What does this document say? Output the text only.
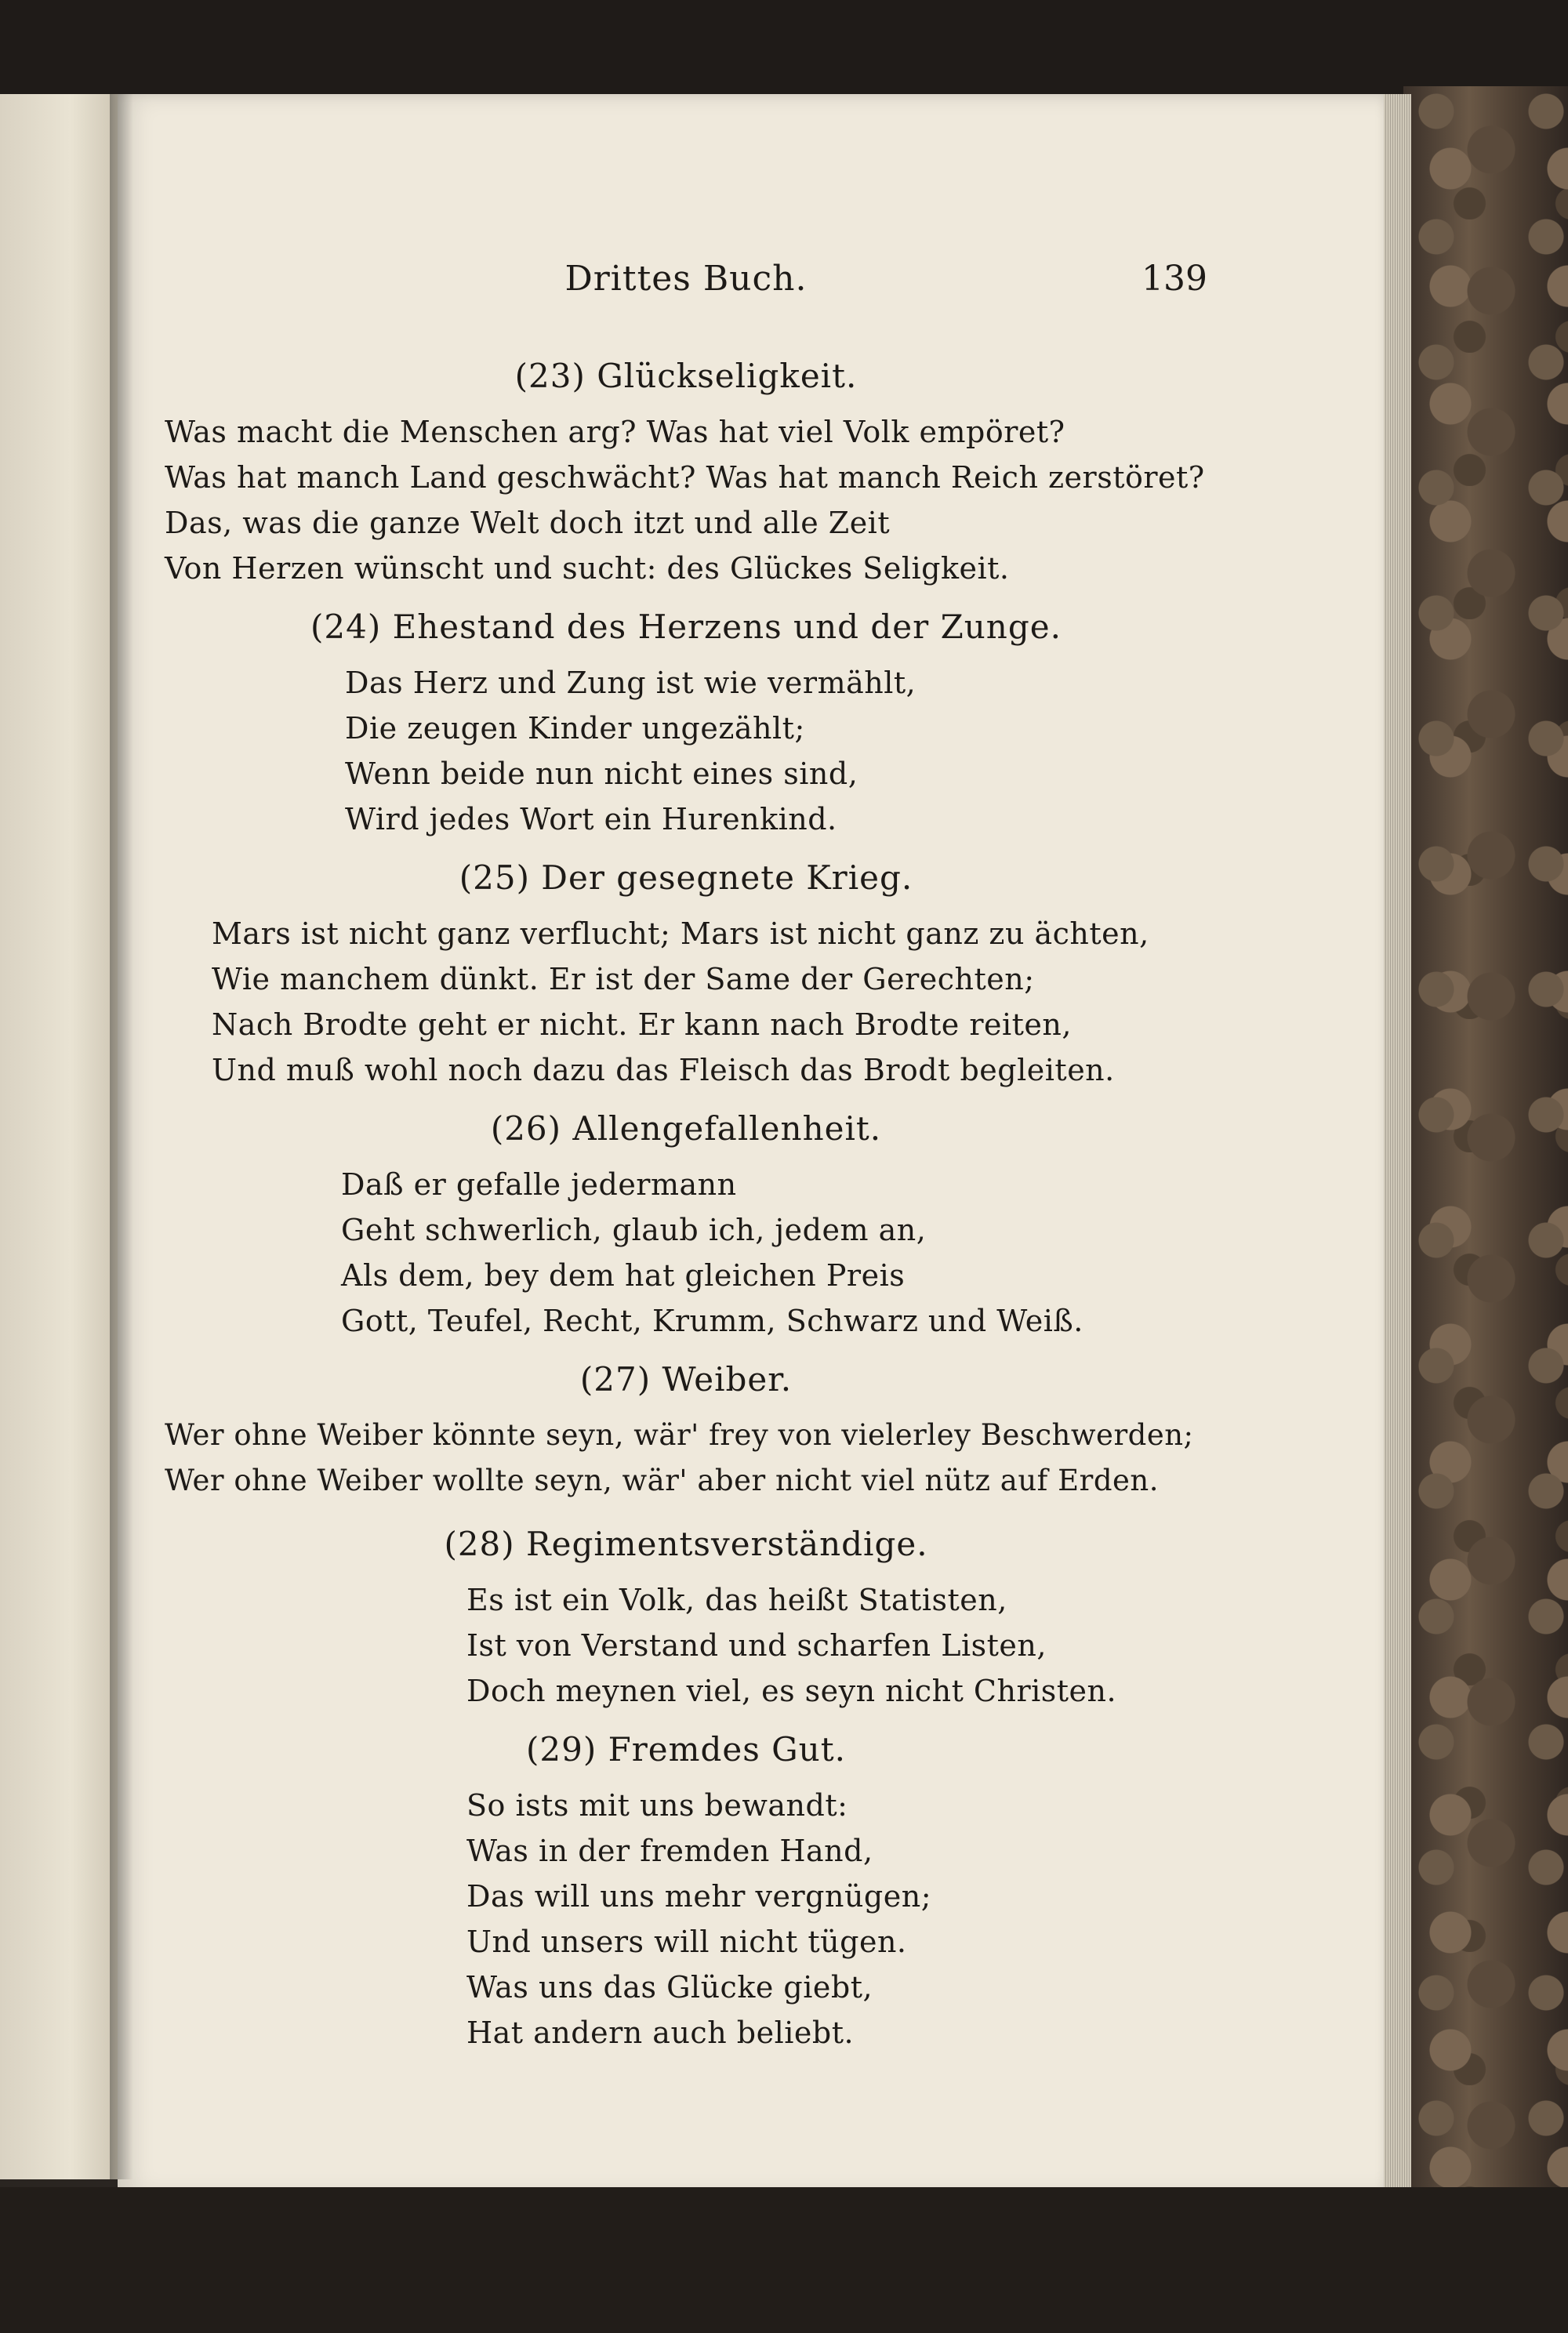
Drittes Buch.	139
(23) Glückseligkeit.
Was macht die Menschen arg? Was hat viel Volk empöret?
Was hat manch Land geschwächt? Was hat manch Reich zerstöret?
Das, was die ganze Welt doch itzt und alle Zeit
Von Herzen wünscht und sucht: des Glückes Seligkeit.
(24) Ehestand des Herzens und der Zunge.
Das Herz und Zung ist wie vermählt,
Die zeugen Kinder ungezählt;
Wenn beide nun nicht eines sind,
Wird jedes Wort ein Hurenkind.
(25) Der gesegnete Krieg.
Mars ist nicht ganz verflucht; Mars ist nicht ganz zu ächten,
Wie manchem dünkt. Er ist der Same der Gerechten;
Nach Brodte geht er nicht. Er kann nach Brodte reiten,
Und muß wohl noch dazu das Fleisch das Brodt begleiten.
(26) Allengefallenheit.
Daß er gefalle jedermann
Geht schwerlich, glaub ich, jedem an,
Als dem, bey dem hat gleichen Preis
Gott, Teufel, Recht, Krumm, Schwarz und Weiß.
(27) Weiber.
Wer ohne Weiber könnte seyn, wär' frey von vielerley Beschwerden;
Wer ohne Weiber wollte seyn, wär' aber nicht viel nütz auf Erden.
(28) Regimentsverständige.
Es ist ein Volk, das heißt Statisten,
Ist von Verstand und scharfen Listen,
Doch meynen viel, es seyn nicht Christen.
(29) Fremdes Gut.
So ists mit uns bewandt:
Was in der fremden Hand,
Das will uns mehr vergnügen;
Und unsers will nicht tügen.
Was uns das Glücke giebt,
Hat andern auch beliebt.
